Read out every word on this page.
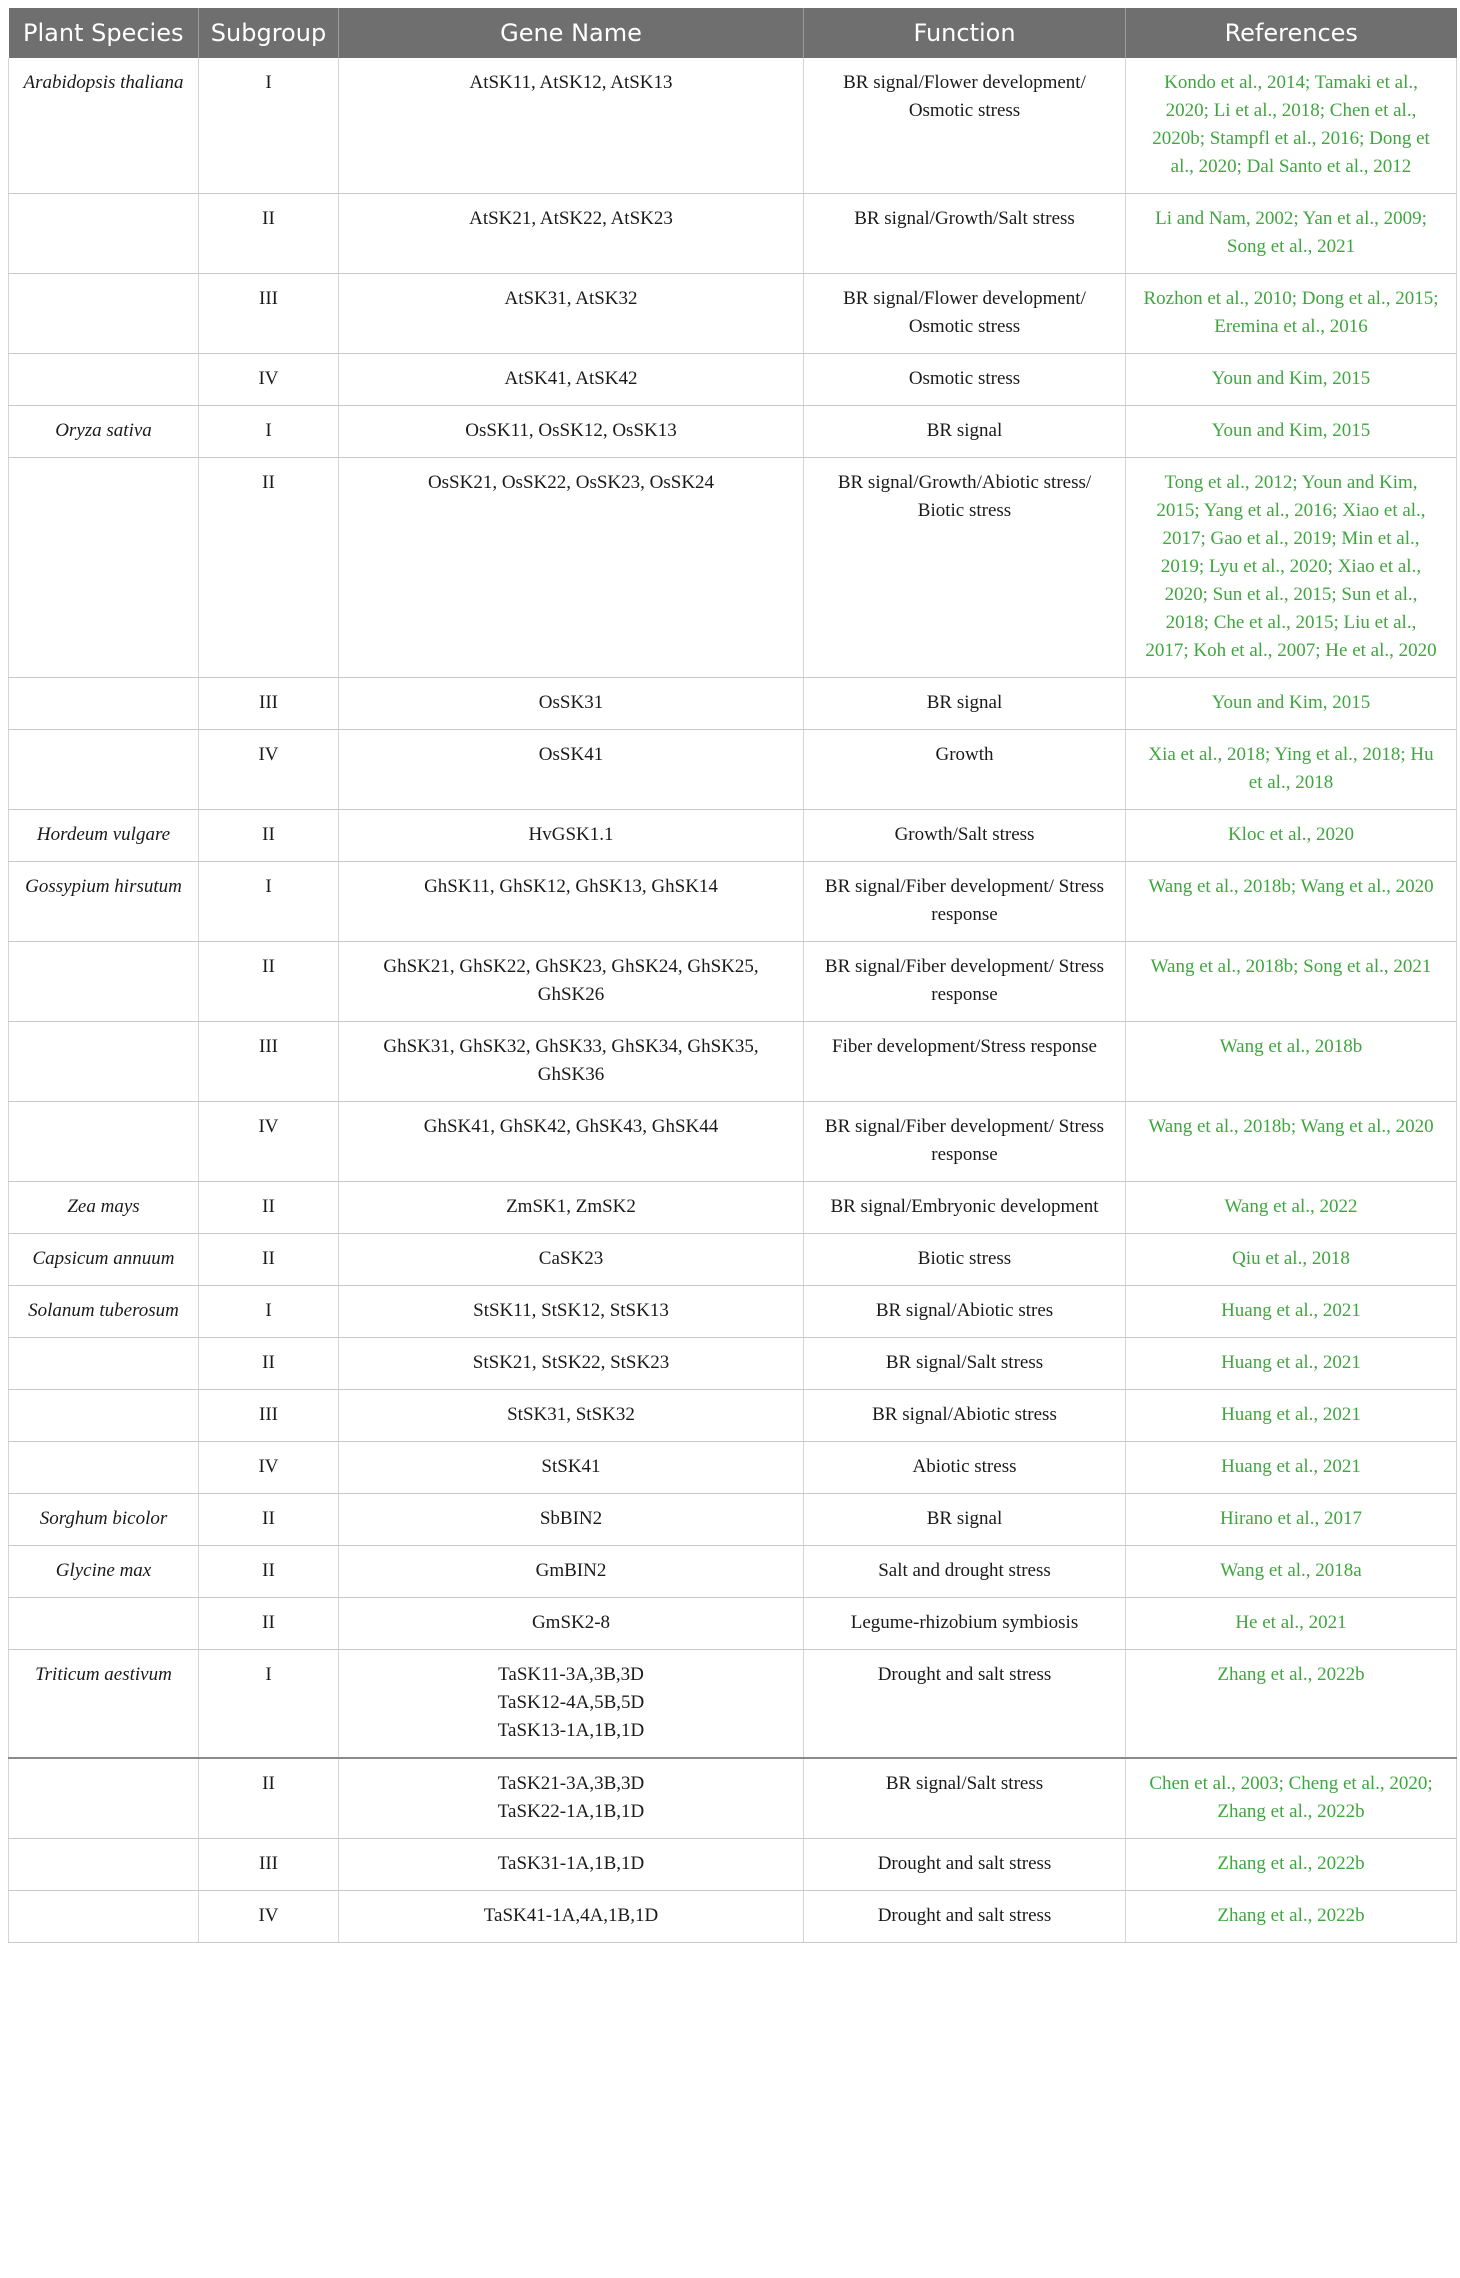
Plant Species	Subgroup	Gene Name	Function	References
Arabidopsis thaliana	I	AtSK11, AtSK12, AtSK13	BR signal/Flower development/ Osmotic stress	Kondo et al., 2014; Tamaki et al., 2020; Li et al., 2018; Chen et al., 2020b; Stampfl et al., 2016; Dong et al., 2020; Dal Santo et al., 2012
	II	AtSK21, AtSK22, AtSK23	BR signal/Growth/Salt stress	Li and Nam, 2002; Yan et al., 2009; Song et al., 2021
	III	AtSK31, AtSK32	BR signal/Flower development/ Osmotic stress	Rozhon et al., 2010; Dong et al., 2015; Eremina et al., 2016
	IV	AtSK41, AtSK42	Osmotic stress	Youn and Kim, 2015
Oryza sativa	I	OsSK11, OsSK12, OsSK13	BR signal	Youn and Kim, 2015
	II	OsSK21, OsSK22, OsSK23, OsSK24	BR signal/Growth/Abiotic stress/ Biotic stress	Tong et al., 2012; Youn and Kim, 2015; Yang et al., 2016; Xiao et al., 2017; Gao et al., 2019; Min et al., 2019; Lyu et al., 2020; Xiao et al., 2020; Sun et al., 2015; Sun et al., 2018; Che et al., 2015; Liu et al., 2017; Koh et al., 2007; He et al., 2020
	III	OsSK31	BR signal	Youn and Kim, 2015
	IV	OsSK41	Growth	Xia et al., 2018; Ying et al., 2018; Hu et al., 2018
Hordeum vulgare	II	HvGSK1.1	Growth/Salt stress	Kloc et al., 2020
Gossypium hirsutum	I	GhSK11, GhSK12, GhSK13, GhSK14	BR signal/Fiber development/ Stress response	Wang et al., 2018b; Wang et al., 2020
	II	GhSK21, GhSK22, GhSK23, GhSK24, GhSK25, GhSK26	BR signal/Fiber development/ Stress response	Wang et al., 2018b; Song et al., 2021
	III	GhSK31, GhSK32, GhSK33, GhSK34, GhSK35, GhSK36	Fiber development/Stress response	Wang et al., 2018b
	IV	GhSK41, GhSK42, GhSK43, GhSK44	BR signal/Fiber development/ Stress response	Wang et al., 2018b; Wang et al., 2020
Zea mays	II	ZmSK1, ZmSK2	BR signal/Embryonic development	Wang et al., 2022
Capsicum annuum	II	CaSK23	Biotic stress	Qiu et al., 2018
Solanum tuberosum	I	StSK11, StSK12, StSK13	BR signal/Abiotic stres	Huang et al., 2021
	II	StSK21, StSK22, StSK23	BR signal/Salt stress	Huang et al., 2021
	III	StSK31, StSK32	BR signal/Abiotic stress	Huang et al., 2021
	IV	StSK41	Abiotic stress	Huang et al., 2021
Sorghum bicolor	II	SbBIN2	BR signal	Hirano et al., 2017
Glycine max	II	GmBIN2	Salt and drought stress	Wang et al., 2018a
	II	GmSK2-8	Legume-rhizobium symbiosis	He et al., 2021
Triticum aestivum	I	TaSK11-3A,3B,3D
TaSK12-4A,5B,5D
TaSK13-1A,1B,1D	Drought and salt stress	Zhang et al., 2022b
	II	TaSK21-3A,3B,3D
TaSK22-1A,1B,1D	BR signal/Salt stress	Chen et al., 2003; Cheng et al., 2020; Zhang et al., 2022b
	III	TaSK31-1A,1B,1D	Drought and salt stress	Zhang et al., 2022b
	IV	TaSK41-1A,4A,1B,1D	Drought and salt stress	Zhang et al., 2022b
